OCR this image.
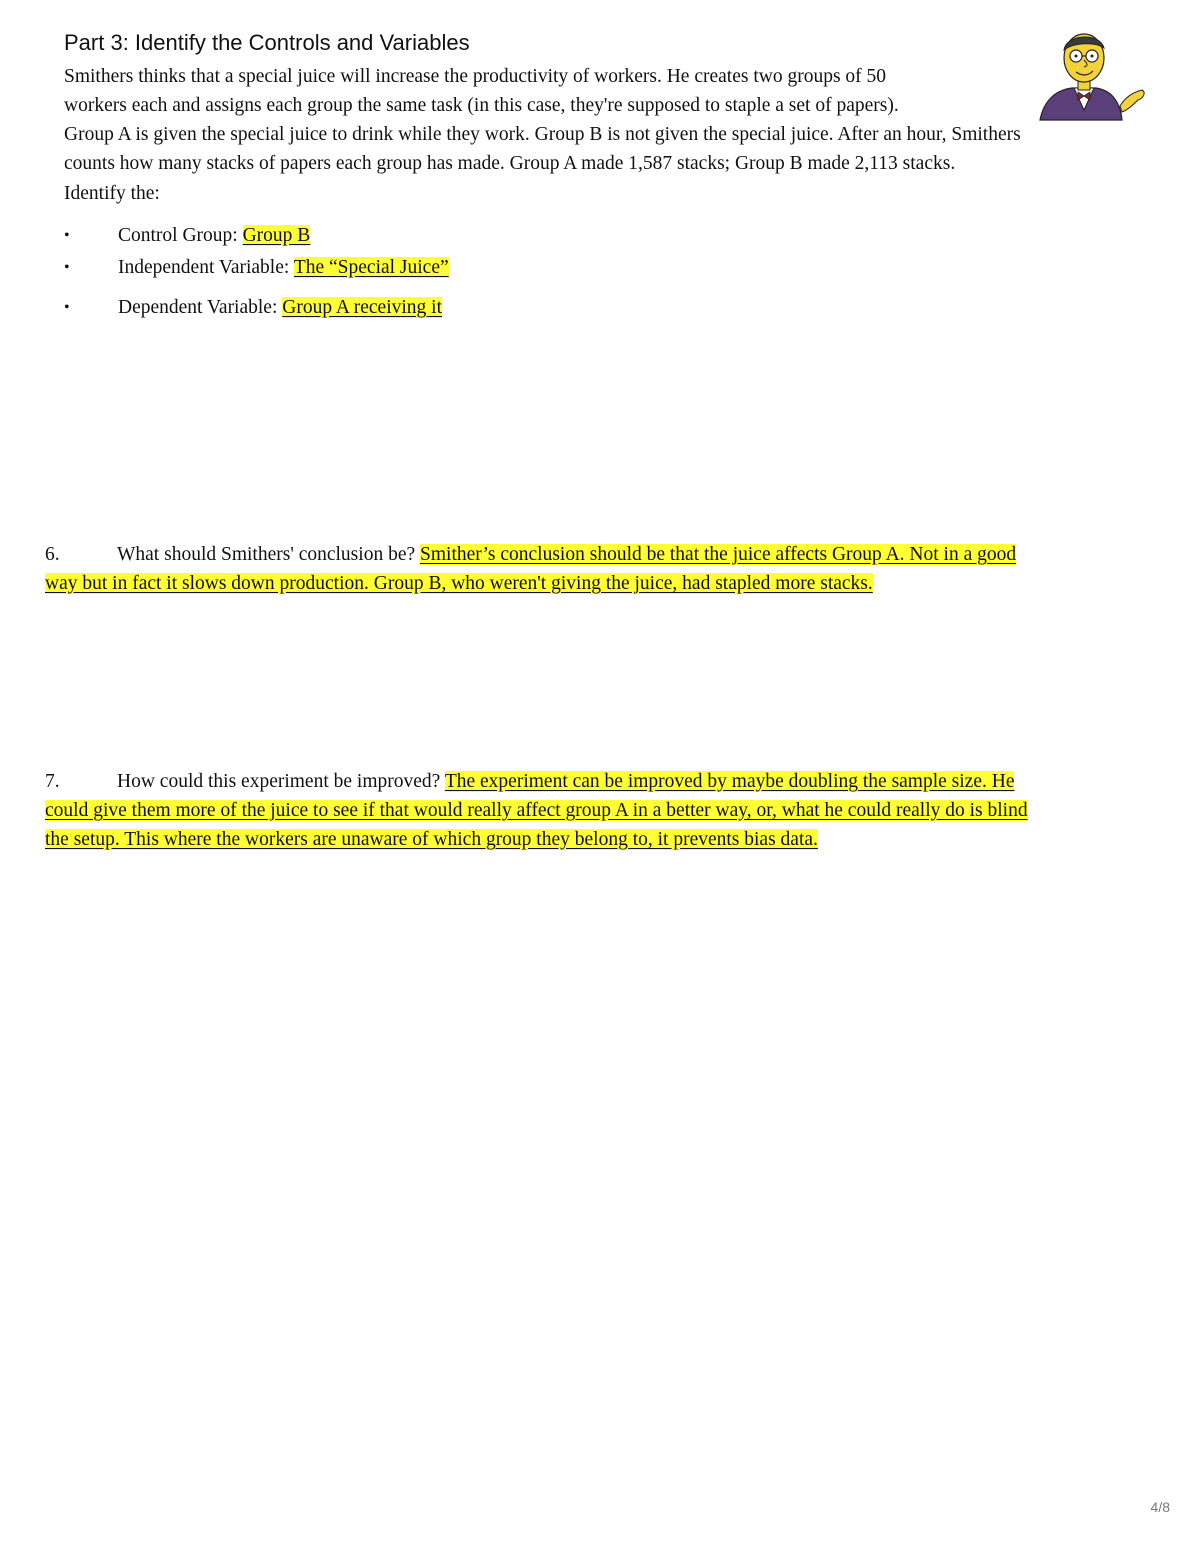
Part 3: Identify the Controls and Variables

Smithers thinks that a special juice will increase the productivity of workers. He creates two groups of 50
workers each and assigns each group the same task (in this case, they're supposed to staple a set of papers).
Group A is given the special juice to drink while they work. Group B is not given the special juice. After an hour, Smithers
counts how many stacks of papers each group has made. Group A made 1,587 stacks; Group B made 2,113 stacks.

Identify the:

• Control Group: Group B
• Independent Variable: The “Special Juice”
• Dependent Variable: Group A receiving it
6.	What should Smithers' conclusion be? Smither’s conclusion should be that the juice affects Group A. Not in a good
way but in fact it slows down production. Group B, who weren't giving the juice, had stapled more stacks.
7.	How could this experiment be improved? The experiment can be improved by maybe doubling the sample size. He
could give them more of the juice to see if that would really affect group A in a better way, or, what he could really do is blind
the setup. This where the workers are unaware of which group they belong to, it prevents bias data.
4/8
